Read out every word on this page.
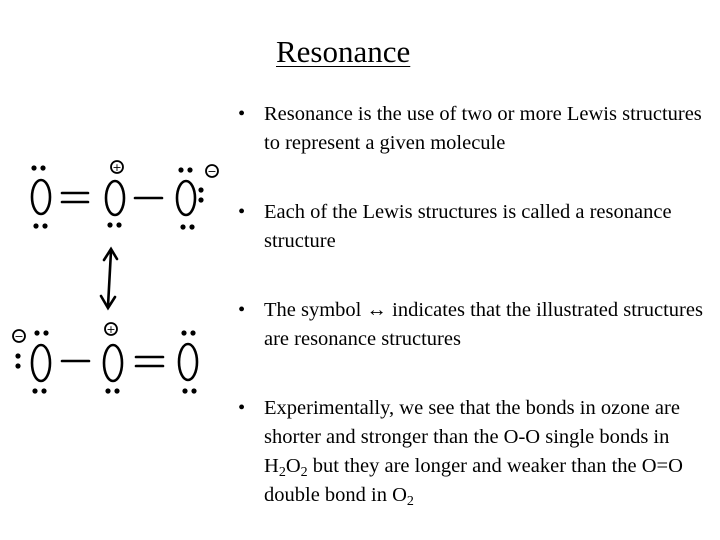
Resonance
• Resonance is the use of two or more Lewis structures to represent a given molecule
• Each of the Lewis structures is called a resonance structure
• The symbol ↔ indicates that the illustrated structures are resonance structures
• Experimentally, we see that the bonds in ozone are shorter and stronger than the O-O single bonds in $H_2O_2$ but they are longer and weaker than the O=O double bond in $O_2$
+	−
−
+
